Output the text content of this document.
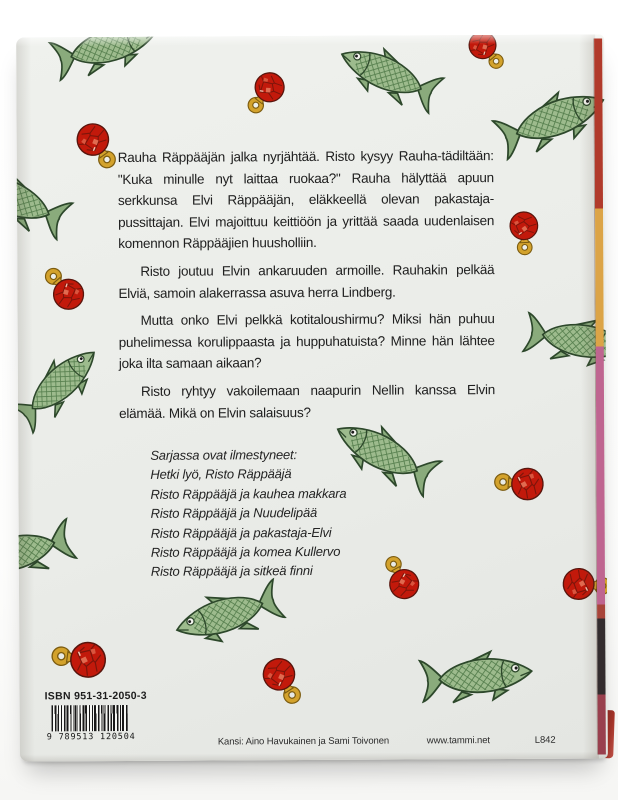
Rauha Räppääjän jalka nyrjähtää. Risto kysyy Rauha-tädiltään: "Kuka minulle nyt laittaa ruokaa?" Rauha hälyttää apuun serkkunsa Elvi Räppääjän, eläkkeellä olevan pakastaja-pussittajan. Elvi majoittuu keittiöön ja yrittää saada uudenlaisen komennon Räppääjien huusholliin.

Risto joutuu Elvin ankaruuden armoille. Rauhakin pelkää Elviä, samoin alakerrassa asuva herra Lindberg.

Mutta onko Elvi pelkkä kotitaloushirmu? Miksi hän puhuu puhelimessa korulippaasta ja huppuhatuista? Minne hän lähtee joka ilta samaan aikaan?

Risto ryhtyy vakoilemaan naapurin Nellin kanssa Elvin elämää. Mikä on Elvin salaisuus?

Sarjassa ovat ilmestyneet:

Hetki lyö, Risto Räppääjä

Risto Räppääjä ja kauhea makkara

Risto Räppääjä ja Nuudelipää

Risto Räppääjä ja pakastaja-Elvi

Risto Räppääjä ja komea Kullervo

Risto Räppääjä ja sitkeä finni

ISBN 951-31-2050-3
9 789513 120504	Kansi: Aino Havukainen ja Sami Toivonen	www.tammi.net	L842
